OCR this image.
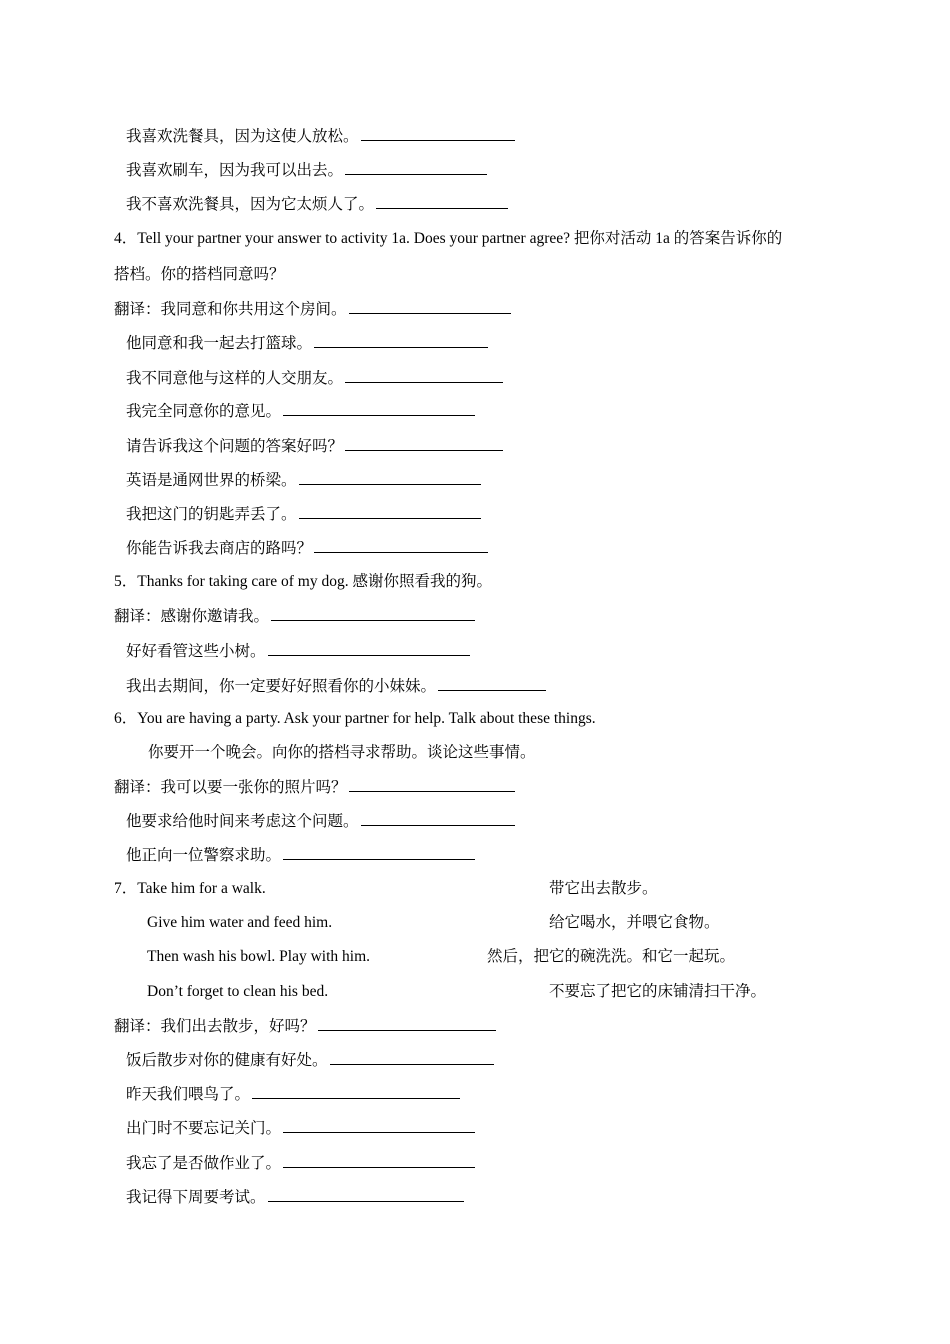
我喜欢洗餐具，因为这使人放松。
我喜欢刷车，因为我可以出去。
我不喜欢洗餐具，因为它太烦人了。
4．Tell your partner your answer to activity 1a. Does your partner agree? 把你对活动 1a 的答案告诉你的
搭档。你的搭档同意吗？
翻译：我同意和你共用这个房间。
他同意和我一起去打篮球。
我不同意他与这样的人交朋友。
我完全同意你的意见。
请告诉我这个问题的答案好吗？
英语是通网世界的桥梁。
我把这门的钥匙弄丢了。
你能告诉我去商店的路吗？
5．Thanks for taking care of my dog. 感谢你照看我的狗。
翻译：感谢你邀请我。
好好看管这些小树。
我出去期间，你一定要好好照看你的小妹妹。
6．You are having a party. Ask your partner for help. Talk about these things.
你要开一个晚会。向你的搭档寻求帮助。谈论这些事情。
翻译：我可以要一张你的照片吗？
他要求给他时间来考虑这个问题。
他正向一位警察求助。
7．Take him for a walk.	带它出去散步。
Give him water and feed him.	给它喝水，并喂它食物。
Then wash his bowl. Play with him.	然后，把它的碗洗洗。和它一起玩。
Don’t forget to clean his bed.	不要忘了把它的床铺清扫干净。
翻译：我们出去散步，好吗？
饭后散步对你的健康有好处。
昨天我们喂鸟了。
出门时不要忘记关门。
我忘了是否做作业了。
我记得下周要考试。
